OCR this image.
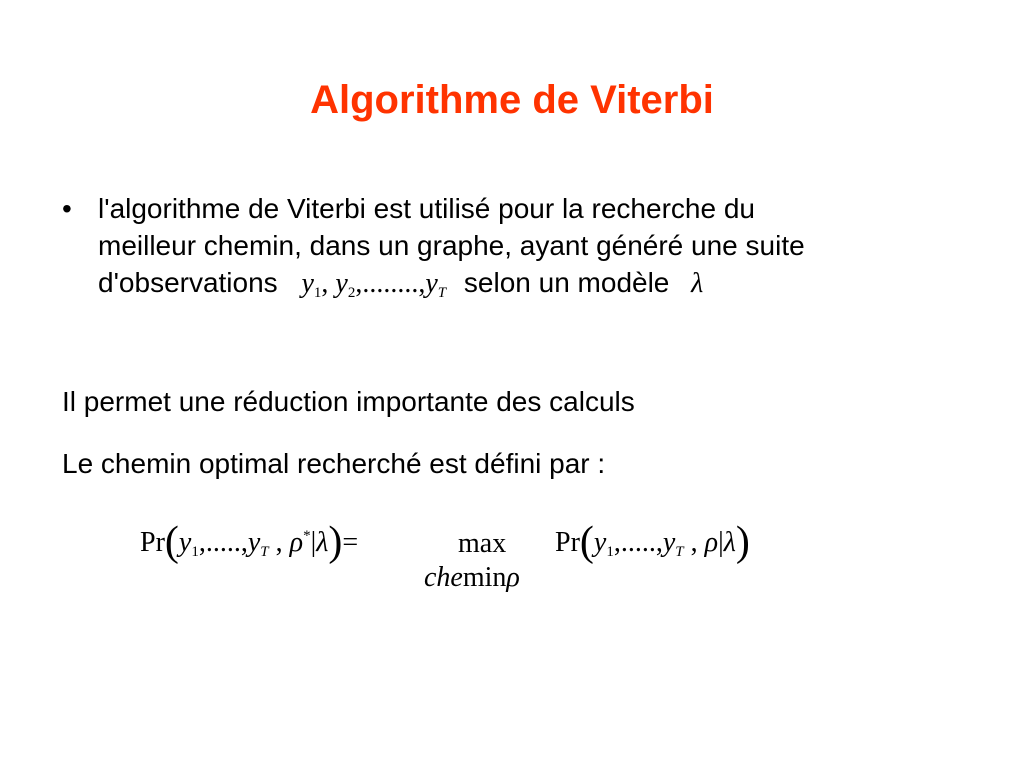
Algorithme de Viterbi
• l'algorithme de Viterbi est utilisé pour la recherche du
meilleur chemin, dans un graphe, ayant généré une suite
d'observations $y_1$, $y_2,........,y_T$ selon un modèle λ
Il permet une réduction importante des calculs
Le chemin optimal recherché est défini par :
$Pr(y_1,.....,y_T$ , ρ*|λ)=	max
cheminρ
$Pr(y_1,.....,y_T$ , ρ|λ)
